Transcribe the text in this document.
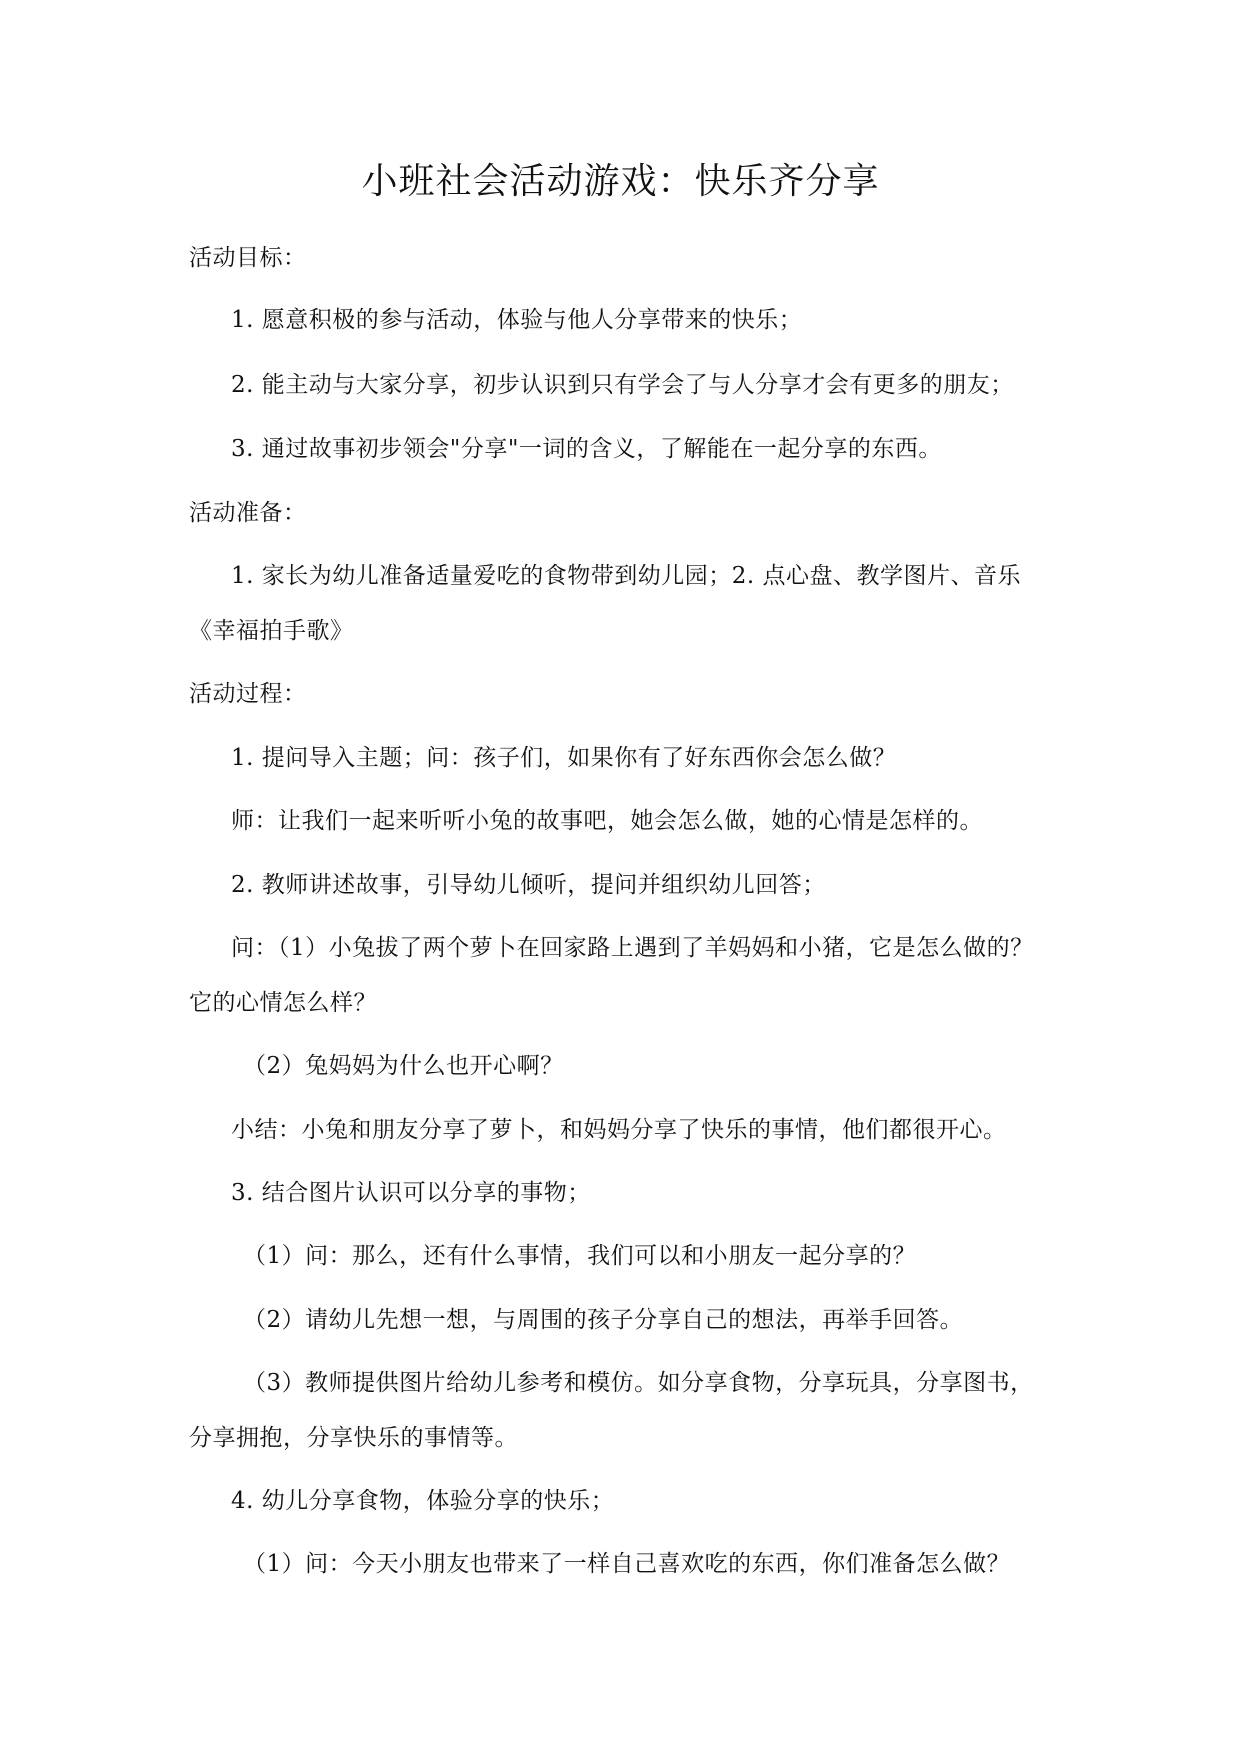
小班社会活动游戏：快乐齐分享
活动目标：
1. 愿意积极的参与活动，体验与他人分享带来的快乐；
2. 能主动与大家分享，初步认识到只有学会了与人分享才会有更多的朋友；
3. 通过故事初步领会"分享"一词的含义，了解能在一起分享的东西。
活动准备：
1. 家长为幼儿准备适量爱吃的食物带到幼儿园；2. 点心盘、教学图片、音乐
《幸福拍手歌》
活动过程：
1. 提问导入主题；问：孩子们，如果你有了好东西你会怎么做？
师：让我们一起来听听小兔的故事吧，她会怎么做，她的心情是怎样的。
2. 教师讲述故事，引导幼儿倾听，提问并组织幼儿回答；
问：（1）小兔拔了两个萝卜在回家路上遇到了羊妈妈和小猪，它是怎么做的？
它的心情怎么样？
（2）兔妈妈为什么也开心啊？
小结：小兔和朋友分享了萝卜，和妈妈分享了快乐的事情，他们都很开心。
3. 结合图片认识可以分享的事物；
（1）问：那么，还有什么事情，我们可以和小朋友一起分享的？
（2）请幼儿先想一想，与周围的孩子分享自己的想法，再举手回答。
（3）教师提供图片给幼儿参考和模仿。如分享食物，分享玩具，分享图书，
分享拥抱，分享快乐的事情等。
4. 幼儿分享食物，体验分享的快乐；
（1）问：今天小朋友也带来了一样自己喜欢吃的东西，你们准备怎么做？
